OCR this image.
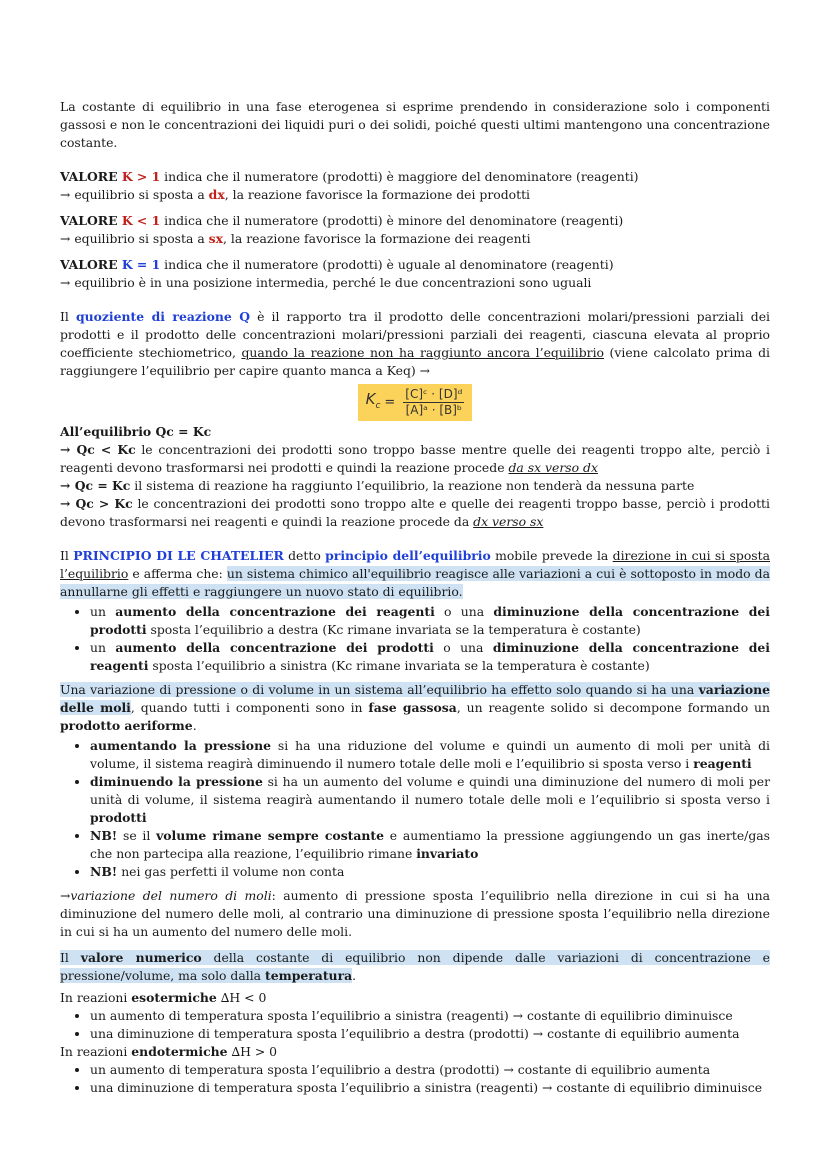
La costante di equilibrio in una fase eterogenea si esprime prendendo in considerazione solo i componenti gassosi e non le concentrazioni dei liquidi puri o dei solidi, poiché questi ultimi mantengono una concentrazione costante.

VALORE K > 1 indica che il numeratore (prodotti) è maggiore del denominatore (reagenti)
→ equilibrio si sposta a dx, la reazione favorisce la formazione dei prodotti

VALORE K < 1 indica che il numeratore (prodotti) è minore del denominatore (reagenti)
→ equilibrio si sposta a sx, la reazione favorisce la formazione dei reagenti

VALORE K = 1 indica che il numeratore (prodotti) è uguale al denominatore (reagenti)
→ equilibrio è in una posizione intermedia, perché le due concentrazioni sono uguali

Il quoziente di reazione Q è il rapporto tra il prodotto delle concentrazioni molari/pressioni parziali dei prodotti e il prodotto delle concentrazioni molari/pressioni parziali dei reagenti, ciascuna elevata al proprio coefficiente stechiometrico, quando la reazione non ha raggiunto ancora l’equilibrio (viene calcolato prima di raggiungere l’equilibrio per capire quanto manca a Keq) →

$K_c = \frac{\text{[C]ᶜ · [D]ᵈ}}{\text{[A]ᵃ · [B]ᵇ}}$

All’equilibrio Qc = Kc
→ Qc < Kc le concentrazioni dei prodotti sono troppo basse mentre quelle dei reagenti troppo alte, perciò i reagenti devono trasformarsi nei prodotti e quindi la reazione procede da sx verso dx
→ Qc = Kc il sistema di reazione ha raggiunto l’equilibrio, la reazione non tenderà da nessuna parte
→ Qc > Kc le concentrazioni dei prodotti sono troppo alte e quelle dei reagenti troppo basse, perciò i prodotti devono trasformarsi nei reagenti e quindi la reazione procede da dx verso sx

Il PRINCIPIO DI LE CHATELIER detto principio dell’equilibrio mobile prevede la direzione in cui si sposta l’equilibrio e afferma che: un sistema chimico all'equilibrio reagisce alle variazioni a cui è sottoposto in modo da annullarne gli effetti e raggiungere un nuovo stato di equilibrio.

• un aumento della concentrazione dei reagenti o una diminuzione della concentrazione dei prodotti sposta l’equilibrio a destra (Kc rimane invariata se la temperatura è costante)
• un aumento della concentrazione dei prodotti o una diminuzione della concentrazione dei reagenti sposta l’equilibrio a sinistra (Kc rimane invariata se la temperatura è costante)

Una variazione di pressione o di volume in un sistema all’equilibrio ha effetto solo quando si ha una variazione delle moli, quando tutti i componenti sono in fase gassosa, un reagente solido si decompone formando un prodotto aeriforme.

• aumentando la pressione si ha una riduzione del volume e quindi un aumento di moli per unità di volume, il sistema reagirà diminuendo il numero totale delle moli e l’equilibrio si sposta verso i reagenti
• diminuendo la pressione si ha un aumento del volume e quindi una diminuzione del numero di moli per unità di volume, il sistema reagirà aumentando il numero totale delle moli e l’equilibrio si sposta verso i prodotti
• NB! se il volume rimane sempre costante e aumentiamo la pressione aggiungendo un gas inerte/gas che non partecipa alla reazione, l’equilibrio rimane invariato
• NB! nei gas perfetti il volume non conta

→variazione del numero di moli: aumento di pressione sposta l’equilibrio nella direzione in cui si ha una diminuzione del numero delle moli, al contrario una diminuzione di pressione sposta l’equilibrio nella direzione in cui si ha un aumento del numero delle moli.

Il valore numerico della costante di equilibrio non dipende dalle variazioni di concentrazione e pressione/volume, ma solo dalla temperatura.

In reazioni esotermiche ∆H < 0

• un aumento di temperatura sposta l’equilibrio a sinistra (reagenti) → costante di equilibrio diminuisce
• una diminuzione di temperatura sposta l’equilibrio a destra (prodotti) → costante di equilibrio aumenta

In reazioni endotermiche ∆H > 0

• un aumento di temperatura sposta l’equilibrio a destra (prodotti) → costante di equilibrio aumenta
• una diminuzione di temperatura sposta l’equilibrio a sinistra (reagenti) → costante di equilibrio diminuisce
